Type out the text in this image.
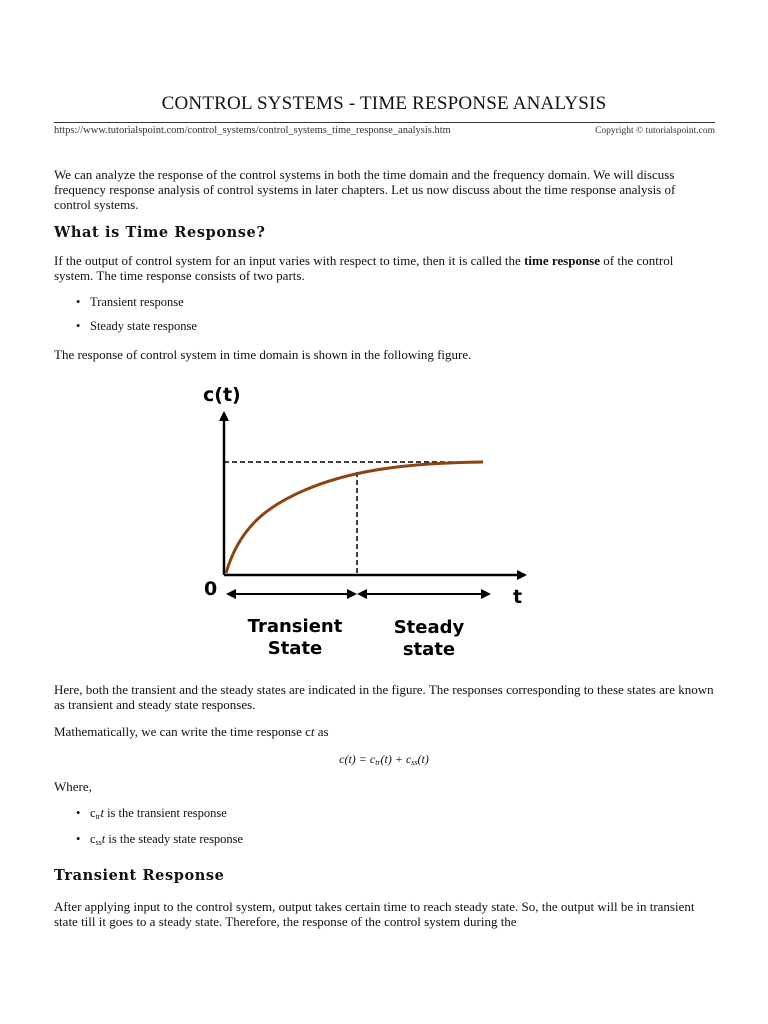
CONTROL SYSTEMS - TIME RESPONSE ANALYSIS
https://www.tutorialspoint.com/control_systems/control_systems_time_response_analysis.htm	Copyright © tutorialspoint.com
We can analyze the response of the control systems in both the time domain and the frequency domain. We will discuss frequency response analysis of control systems in later chapters. Let us now discuss about the time response analysis of control systems.
What is Time Response?
If the output of control system for an input varies with respect to time, then it is called the time response of the control system. The time response consists of two parts.
• Transient response
• Steady state response
The response of control system in time domain is shown in the following figure.
c(t)
0	t
Transient
State
Steady
state
Here, both the transient and the steady states are indicated in the figure. The responses corresponding to these states are known as transient and steady state responses.
Mathematically, we can write the time response ct as
$c(t) = c_{tr}(t) + c_{ss}(t)$
Where,
• $c_{tr}t$ is the transient response
• $c_{ss}t$ is the steady state response
Transient Response
After applying input to the control system, output takes certain time to reach steady state. So, the output will be in transient state till it goes to a steady state. Therefore, the response of the control system during the
